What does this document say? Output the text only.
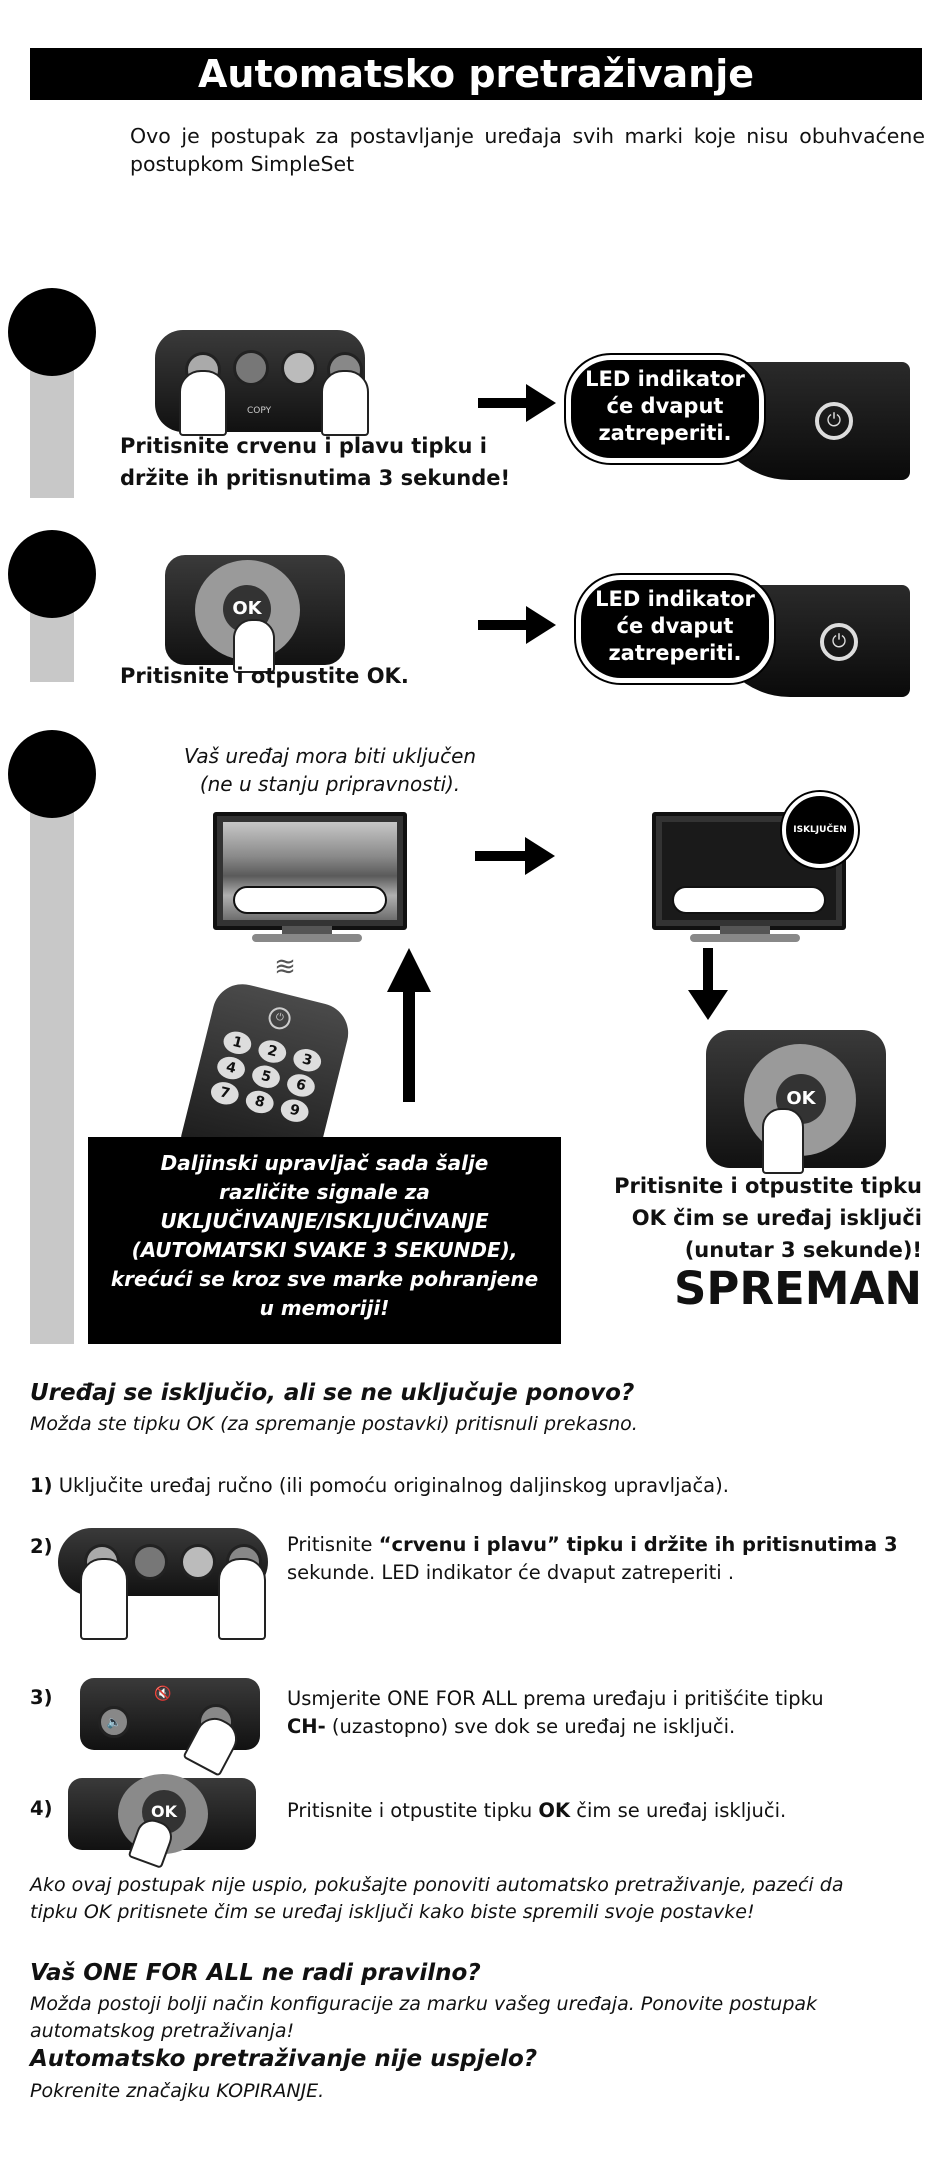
Automatsko pretraživanje
Ovo je postupak za postavljanje uređaja svih marki koje nisu obuhvaćene postupkom SimpleSet
COPY
Pritisnite crvenu i plavu tipku i
držite ih pritisnutima 3 sekunde!
⏻
LED indikator
će dvaput
zatreperiti.
OK
Pritisnite i otpustite OK.
⏻
LED indikator
će dvaput
zatreperiti.
Vaš uređaj mora biti uključen
(ne u stanju pripravnosti).
ISKLJUČEN
≋
⏻
1 2 34 5 67 8 9
Daljinski upravljač sada šalje
različite signale za
UKLJUČIVANJE/ISKLJUČIVANJE
(AUTOMATSKI SVAKE 3 SEKUNDE),
krećući se kroz sve marke pohranjene
u memoriji!
OK
Pritisnite i otpustite tipku
OK čim se uređaj isključi
(unutar 3 sekunde)!
SPREMAN
Uređaj se isključio, ali se ne uključuje ponovo?
Možda ste tipku OK (za spremanje postavki) pritisnuli prekasno.
1) Uključite uređaj ručno (ili pomoću originalnog daljinskog upravljača).
2)	Pritisnite “crvenu i plavu” tipku i držite ih pritisnutima 3
sekunde. LED indikator će dvaput zatreperiti .
3)
🔈
🔇	Usmjerite ONE FOR ALL prema uređaju i pritišćite tipku
CH- (uzastopno) sve dok se uređaj ne isključi.
4)	OK	Pritisnite i otpustite tipku OK čim se uređaj isključi.
Ako ovaj postupak nije uspio, pokušajte ponoviti automatsko pretraživanje, pazeći da
tipku OK pritisnete čim se uređaj isključi kako biste spremili svoje postavke!
Vaš ONE FOR ALL ne radi pravilno?
Možda postoji bolji način konfiguracije za marku vašeg uređaja. Ponovite postupak
automatskog pretraživanja!
Automatsko pretraživanje nije uspjelo?
Pokrenite značajku KOPIRANJE.
